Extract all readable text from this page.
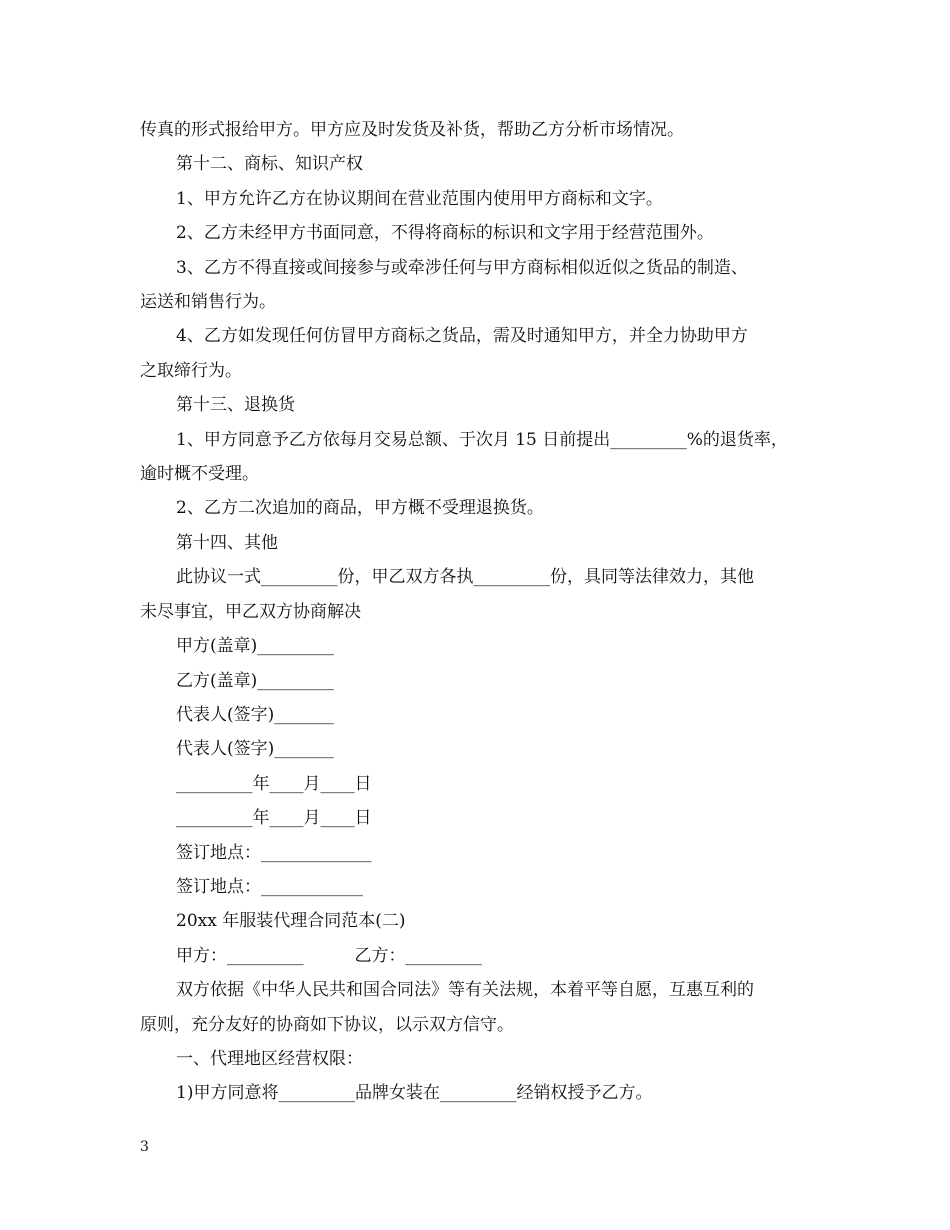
传真的形式报给甲方。甲方应及时发货及补货，帮助乙方分析市场情况。

第十二、商标、知识产权

1、甲方允许乙方在协议期间在营业范围内使用甲方商标和文字。

2、乙方未经甲方书面同意，不得将商标的标识和文字用于经营范围外。

3、乙方不得直接或间接参与或牵涉任何与甲方商标相似近似之货品的制造、

运送和销售行为。

4、乙方如发现任何仿冒甲方商标之货品，需及时通知甲方，并全力协助甲方

之取缔行为。

第十三、退换货

1、甲方同意予乙方依每月交易总额、于次月 15 日前提出_________%的退货率，

逾时概不受理。

2、乙方二次追加的商品，甲方概不受理退换货。

第十四、其他

此协议一式_________份，甲乙双方各执_________份，具同等法律效力，其他

未尽事宜，甲乙双方协商解决

甲方(盖章)_________

乙方(盖章)_________

代表人(签字)_______

代表人(签字)_______

_________年____月____日

_________年____月____日

签订地点：_____________

签订地点：____________

20xx 年服装代理合同范本(二)

甲方：_________　　　乙方：_________

双方依据《中华人民共和国合同法》等有关法规，本着平等自愿，互惠互利的

原则，充分友好的协商如下协议，以示双方信守。

一、代理地区经营权限：

1)甲方同意将_________品牌女装在_________经销权授予乙方。

3
